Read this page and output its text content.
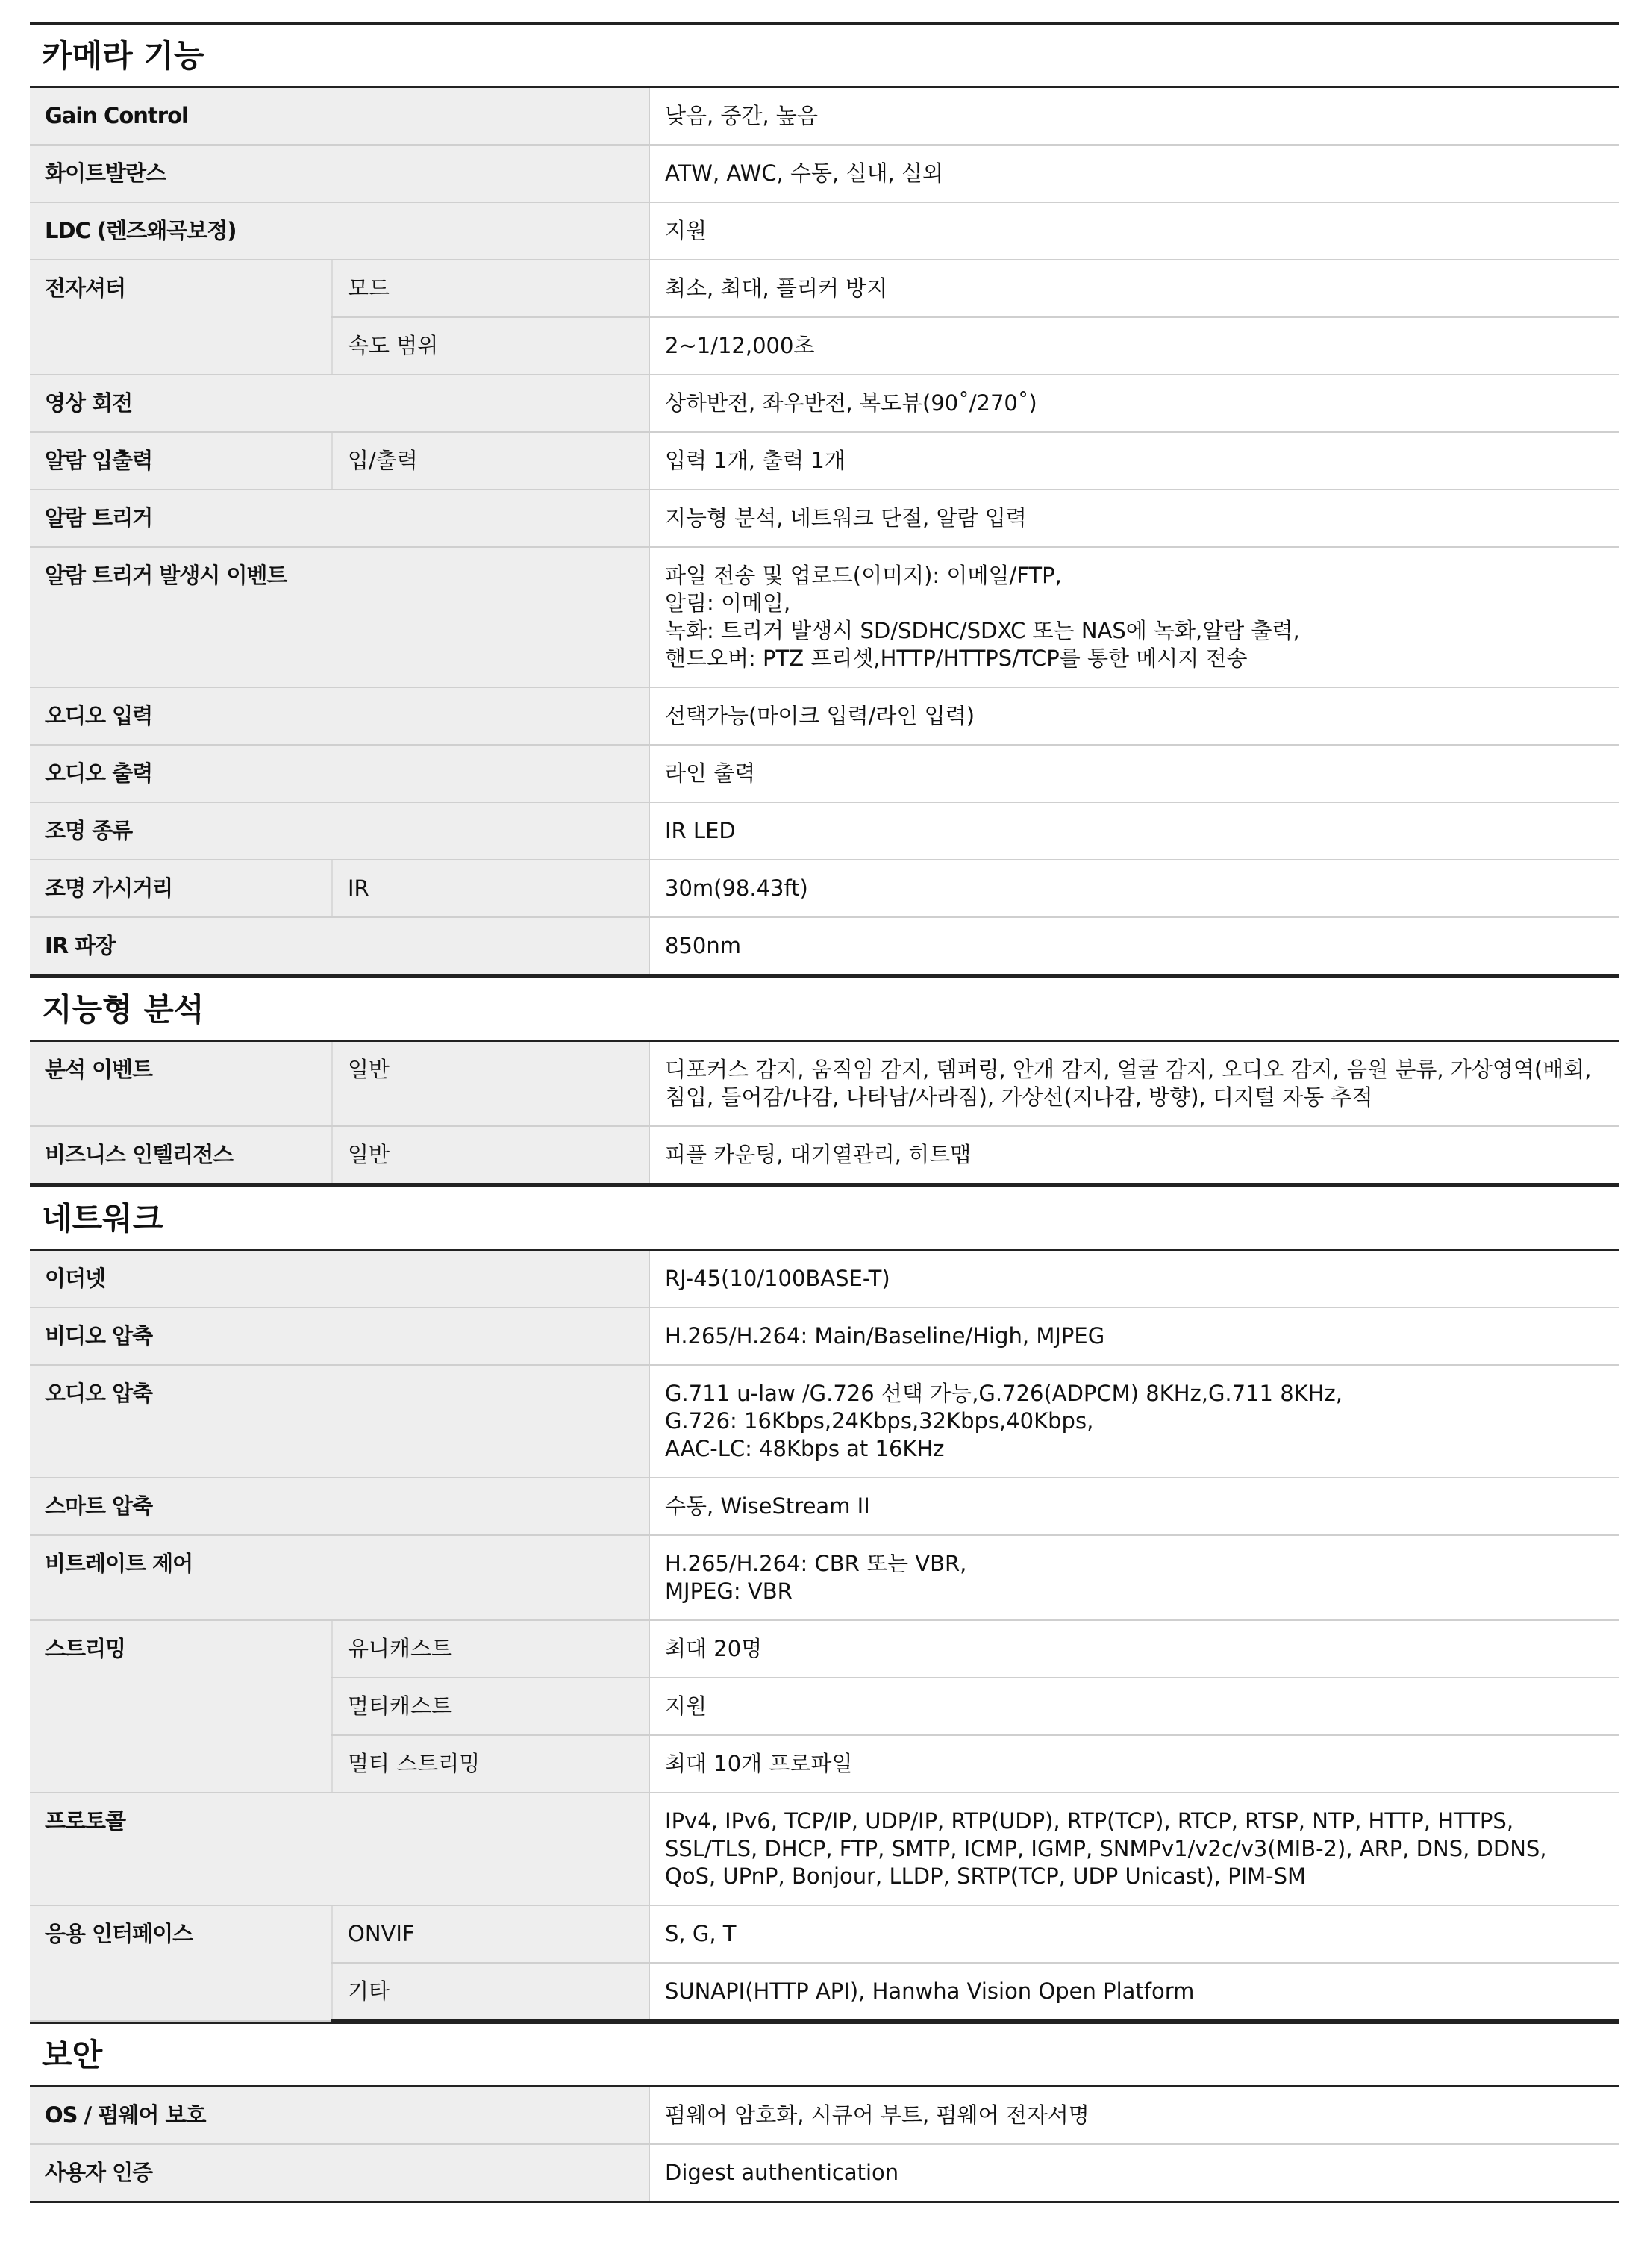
카메라 기능
Gain Control		낮음, 중간, 높음
화이트발란스		ATW, AWC, 수동, 실내, 실외
LDC (렌즈왜곡보정)		지원
전자셔터	모드	최소, 최대, 플리커 방지
	속도 범위	2~1/12,000초
영상 회전		상하반전, 좌우반전, 복도뷰(90˚/270˚)
알람 입출력	입/출력	입력 1개, 출력 1개
알람 트리거		지능형 분석, 네트워크 단절, 알람 입력
알람 트리거 발생시 이벤트		파일 전송 및 업로드(이미지): 이메일/FTP,
알림: 이메일,
녹화: 트리거 발생시 SD/SDHC/SDXC 또는 NAS에 녹화,알람 출력,
핸드오버: PTZ 프리셋,HTTP/HTTPS/TCP를 통한 메시지 전송
오디오 입력		선택가능(마이크 입력/라인 입력)
오디오 출력		라인 출력
조명 종류		IR LED
조명 가시거리	IR	30m(98.43ft)
IR 파장		850nm
지능형 분석
분석 이벤트	일반	디포커스 감지, 움직임 감지, 템퍼링, 안개 감지, 얼굴 감지, 오디오 감지, 음원 분류, 가상영역(배회, 침입, 들어감/나감, 나타남/사라짐), 가상선(지나감, 방향), 디지털 자동 추적
비즈니스 인텔리전스	일반	피플 카운팅, 대기열관리, 히트맵
네트워크
이더넷		RJ-45(10/100BASE-T)
비디오 압축		H.265/H.264: Main/Baseline/High, MJPEG
오디오 압축		G.711 u-law /G.726 선택 가능,G.726(ADPCM) 8KHz,G.711 8KHz,
G.726: 16Kbps,24Kbps,32Kbps,40Kbps,
AAC-LC: 48Kbps at 16KHz
스마트 압축		수동, WiseStream II
비트레이트 제어		H.265/H.264: CBR 또는 VBR,
MJPEG: VBR
스트리밍	유니캐스트	최대 20명
	멀티캐스트	지원
	멀티 스트리밍	최대 10개 프로파일
프로토콜		IPv4, IPv6, TCP/IP, UDP/IP, RTP(UDP), RTP(TCP), RTCP, RTSP, NTP, HTTP, HTTPS,
SSL/TLS, DHCP, FTP, SMTP, ICMP, IGMP, SNMPv1/v2c/v3(MIB-2), ARP, DNS, DDNS,
QoS, UPnP, Bonjour, LLDP, SRTP(TCP, UDP Unicast), PIM-SM
응용 인터페이스	ONVIF	S, G, T
	기타	SUNAPI(HTTP API), Hanwha Vision Open Platform
보안
OS / 펌웨어 보호	펌웨어 암호화, 시큐어 부트, 펌웨어 전자서명
사용자 인증	Digest authentication
